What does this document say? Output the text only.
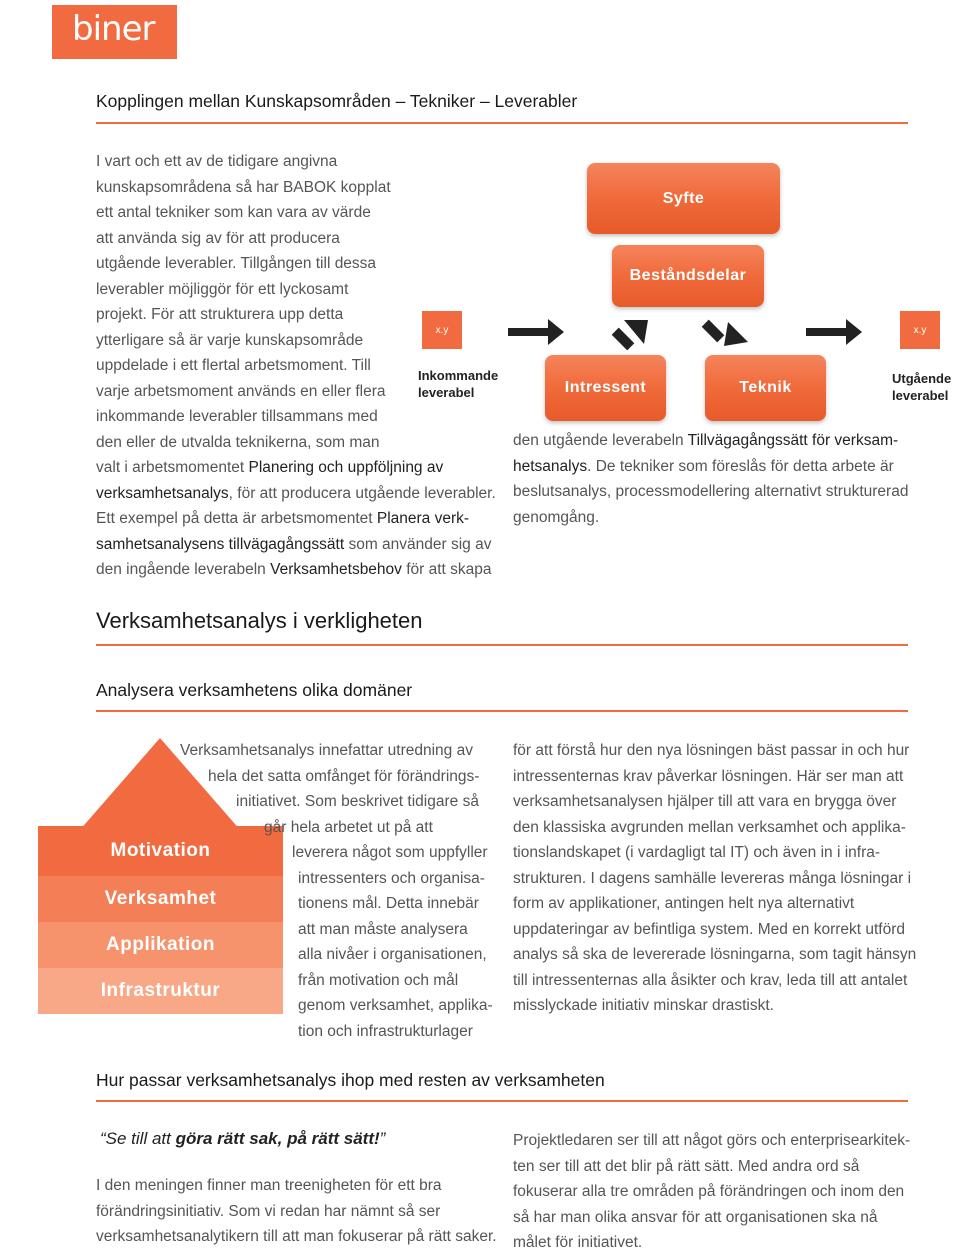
biner
Kopplingen mellan Kunskapsområden – Tekniker – Leverabler
I vart och ett av de tidigare angivna
kunskapsområdena så har BABOK kopplat
ett antal tekniker som kan vara av värde
att använda sig av för att producera
utgående leverabler. Tillgången till dessa
leverabler möjliggör för ett lyckosamt
projekt. För att strukturera upp detta
ytterligare så är varje kunskapsområde
uppdelade i ett flertal arbetsmoment. Till
varje arbetsmoment används en eller flera
inkommande leverabler tillsammans med
den eller de utvalda teknikerna, som man
valt i arbetsmomentet Planering och uppföljning av
verksamhetsanalys, för att producera utgående leverabler.
Ett exempel på detta är arbetsmomentet Planera verk-
samhetsanalysens tillvägagångssätt som använder sig av
den ingående leverabeln Verksamhetsbehov för att skapa
den utgående leverabeln Tillvägagångssätt för verksam-
hetsanalys. De tekniker som föreslås för detta arbete är
beslutsanalys, processmodellering alternativt strukturerad
genomgång.
Syfte
Beståndsdelar
Intressent	Teknik
x.y
Inkommande
leverabel
x.y
Utgående
leverabel
Verksamhetsanalys i verkligheten
Analysera verksamhetens olika domäner
Motivation
Verksamhet
Applikation
Infrastruktur
Verksamhetsanalys innefattar utredning av
hela det satta omfånget för förändrings-
initiativet. Som beskrivet tidigare så
går hela arbetet ut på att
leverera något som uppfyller
intressenters och organisa-
tionens mål. Detta innebär
att man måste analysera
alla nivåer i organisationen,
från motivation och mål
genom verksamhet, applika-
tion och infrastrukturlager
för att förstå hur den nya lösningen bäst passar in och hur
intressenternas krav påverkar lösningen. Här ser man att
verksamhetsanalysen hjälper till att vara en brygga över
den klassiska avgrunden mellan verksamhet och applika-
tionslandskapet (i vardagligt tal IT) och även in i infra-
strukturen. I dagens samhälle levereras många lösningar i
form av applikationer, antingen helt nya alternativt
uppdateringar av befintliga system. Med en korrekt utförd
analys så ska de levererade lösningarna, som tagit hänsyn
till intressenternas alla åsikter och krav, leda till att antalet
misslyckade initiativ minskar drastiskt.
Hur passar verksamhetsanalys ihop med resten av verksamheten
“Se till att göra rätt sak, på rätt sätt!”
I den meningen finner man treenigheten för ett bra
förändringsinitiativ. Som vi redan har nämnt så ser
verksamhetsanalytikern till att man fokuserar på rätt saker.
Projektledaren ser till att något görs och enterprisearkitek-
ten ser till att det blir på rätt sätt. Med andra ord så
fokuserar alla tre områden på förändringen och inom den
så har man olika ansvar för att organisationen ska nå
målet för initiativet.
